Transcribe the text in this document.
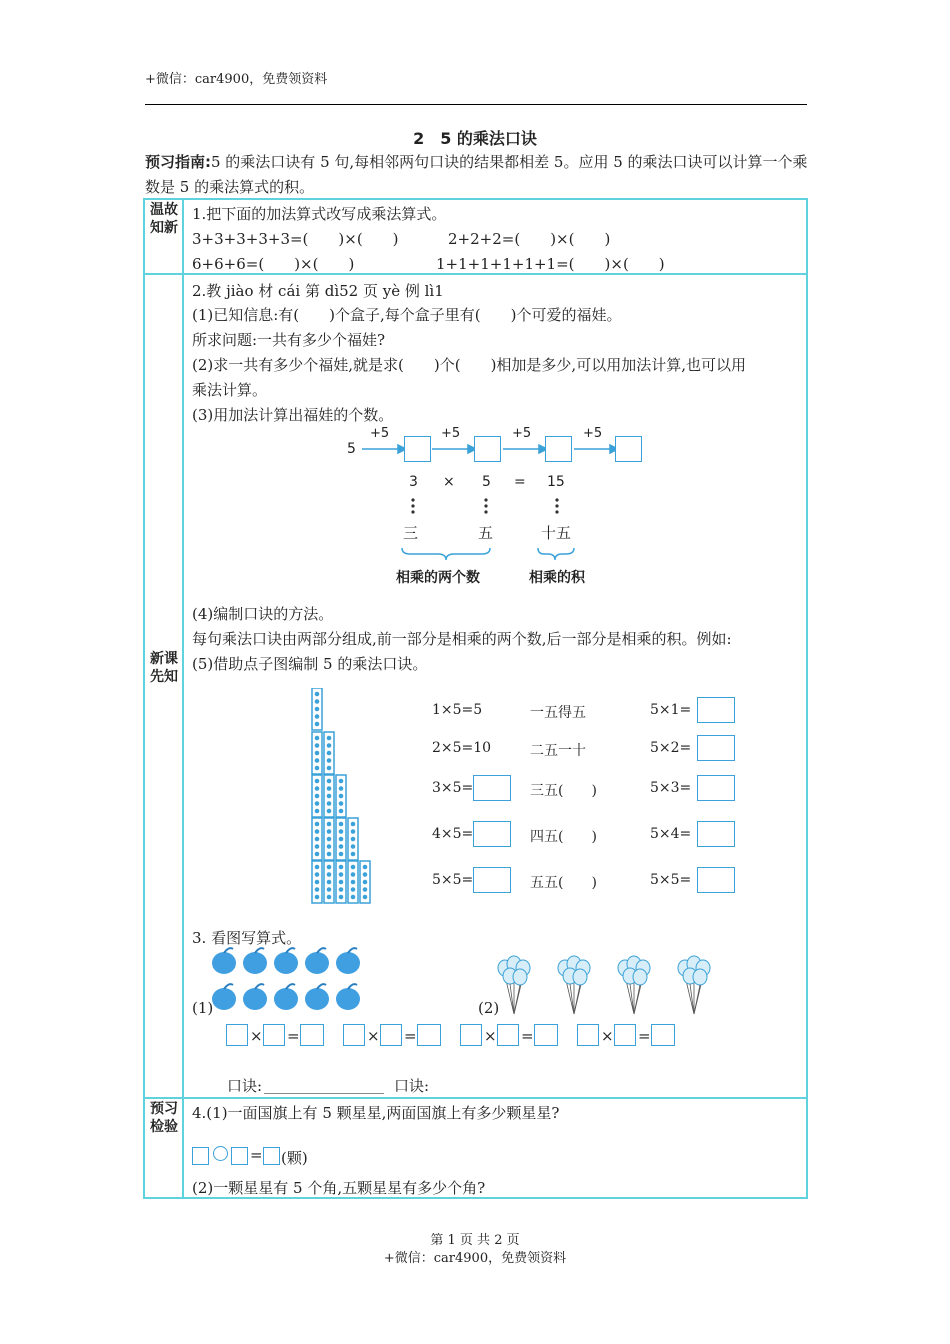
+微信：car4900，免费领资料
2　5 的乘法口诀
预习指南:5 的乘法口诀有 5 句,每相邻两句口诀的结果都相差 5。应用 5 的乘法口诀可以计算一个乘数是 5 的乘法算式的积。
温故知新
新课先知
预习检验
1.把下面的加法算式改写成乘法算式。
3+3+3+3+3=(　　)×(　　)	2+2+2=(　　)×(　　)
6+6+6=(　　)×(　　)	1+1+1+1+1+1=(　　)×(　　)
2.教 jiào 材 cái 第 dì52 页 yè 例 lì1
(1)已知信息:有(　　)个盒子,每个盒子里有(　　)个可爱的福娃。
所求问题:一共有多少个福娃?
(2)求一共有多少个福娃,就是求(　　)个(　　)相加是多少,可以用加法计算,也可以用
乘法计算。
(3)用加法计算出福娃的个数。
5
+5	+5	+5	+5
3 × 5 = 15
三	五	十五
相乘的两个数	相乘的积
(4)编制口诀的方法。
每句乘法口诀由两部分组成,前一部分是相乘的两个数,后一部分是相乘的积。例如:
(5)借助点子图编制 5 的乘法口诀。
1×5=5	一五得五	5×1=
2×5=10	二五一十	5×2=
3×5=	三五(　　)	5×3=
4×5=	四五(　　)	5×4=
5×5=	五五(　　)	5×5=
3. 看图写算式。
(1)	(2)
× =	× =	× =	× =
口诀:	口诀:
4.(1)一面国旗上有 5 颗星星,两面国旗上有多少颗星星?
= (颗)
(2)一颗星星有 5 个角,五颗星星有多少个角?
第 1 页 共 2 页
+微信：car4900，免费领资料
